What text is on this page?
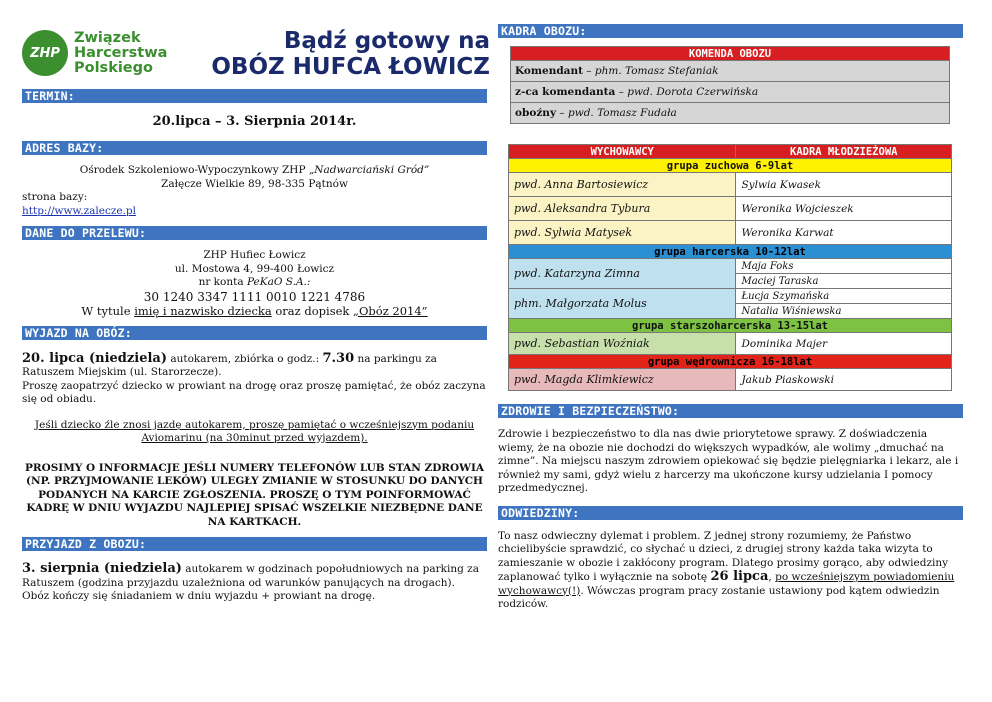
ZHP
Związek
Harcerstwa
Polskiego
Bądź gotowy na
OBÓZ HUFCA ŁOWICZ
TERMIN:
20.lipca – 3. Sierpnia 2014r.
ADRES BAZY:
Ośrodek Szkoleniowo-Wypoczynkowy ZHP „Nadwarciański Gród”
Załęcze Wielkie 89, 98-335 Pątnów
strona bazy:
http://www.zalecze.pl
DANE DO PRZELEWU:
ZHP Hufiec Łowicz
ul. Mostowa 4, 99-400 Łowicz
nr konta PeKaO S.A.:
30 1240 3347 1111 0010 1221 4786
W tytule imię i nazwisko dziecka oraz dopisek „Obóz 2014”
WYJAZD NA OBÓZ:
20. lipca (niedziela) autokarem, zbiórka o godz.: 7.30 na parkingu za Ratuszem Miejskim (ul. Starorzecze).
Proszę zaopatrzyć dziecko w prowiant na drogę oraz proszę pamiętać, że obóz zaczyna się od obiadu.
Jeśli dziecko źle znosi jazdę autokarem, proszę pamiętać o wcześniejszym podaniu Aviomarinu (na 30minut przed wyjazdem).
PROSIMY O INFORMACJE JEŚLI NUMERY TELEFONÓW LUB STAN ZDROWIA (NP. PRZYJMOWANIE LEKÓW) ULEGŁY ZMIANIE W STOSUNKU DO DANYCH PODANYCH NA KARCIE ZGŁOSZENIA. PROSZĘ O TYM POINFORMOWAĆ KADRĘ W DNIU WYJAZDU NAJLEPIEJ SPISAĆ WSZELKIE NIEZBĘDNE DANE NA KARTKACH.
PRZYJAZD Z OBOZU:
3. sierpnia (niedziela) autokarem w godzinach popołudniowych na parking za Ratuszem (godzina przyjazdu uzależniona od warunków panujących na drogach).
Obóz kończy się śniadaniem w dniu wyjazdu + prowiant na drogę.
KADRA OBOZU:
KOMENDA OBOZU
Komendant – phm. Tomasz Stefaniak
z-ca komendanta – pwd. Dorota Czerwińska
oboźny – pwd. Tomasz Fudała
WYCHOWAWCY	KADRA MŁODZIEŻOWA
grupa zuchowa 6-9lat	
pwd. Anna Bartosiewicz	Sylwia Kwasek
pwd. Aleksandra Tybura	Weronika Wojcieszek
pwd. Sylwia Matysek	Weronika Karwat
grupa harcerska 10-12lat	
pwd. Katarzyna Zimna	Maja Foks
	Maciej Taraska
phm. Małgorzata Molus	Łucja Szymańska
	Natalia Wiśniewska
grupa starszoharcerska 13-15lat	
pwd. Sebastian Woźniak	Dominika Majer
grupa wędrownicza 16-18lat	
pwd. Magda Klimkiewicz	Jakub Piaskowski
ZDROWIE I BEZPIECZEŃSTWO:
Zdrowie i bezpieczeństwo to dla nas dwie priorytetowe sprawy. Z doświadczenia wiemy, że na obozie nie dochodzi do większych wypadków, ale wolimy „dmuchać na zimne”. Na miejscu naszym zdrowiem opiekować się będzie pielęgniarka i lekarz, ale i również my sami, gdyż wielu z harcerzy ma ukończone kursy udzielania I pomocy przedmedycznej.
ODWIEDZINY:
To nasz odwieczny dylemat i problem. Z jednej strony rozumiemy, że Państwo chcielibyście sprawdzić, co słychać u dzieci, z drugiej strony każda taka wizyta to zamieszanie w obozie i zakłócony program. Dlatego prosimy gorąco, aby odwiedziny zaplanować tylko i wyłącznie na sobotę 26 lipca, po wcześniejszym powiadomieniu wychowawcy(!). Wówczas program pracy zostanie ustawiony pod kątem odwiedzin rodziców.
